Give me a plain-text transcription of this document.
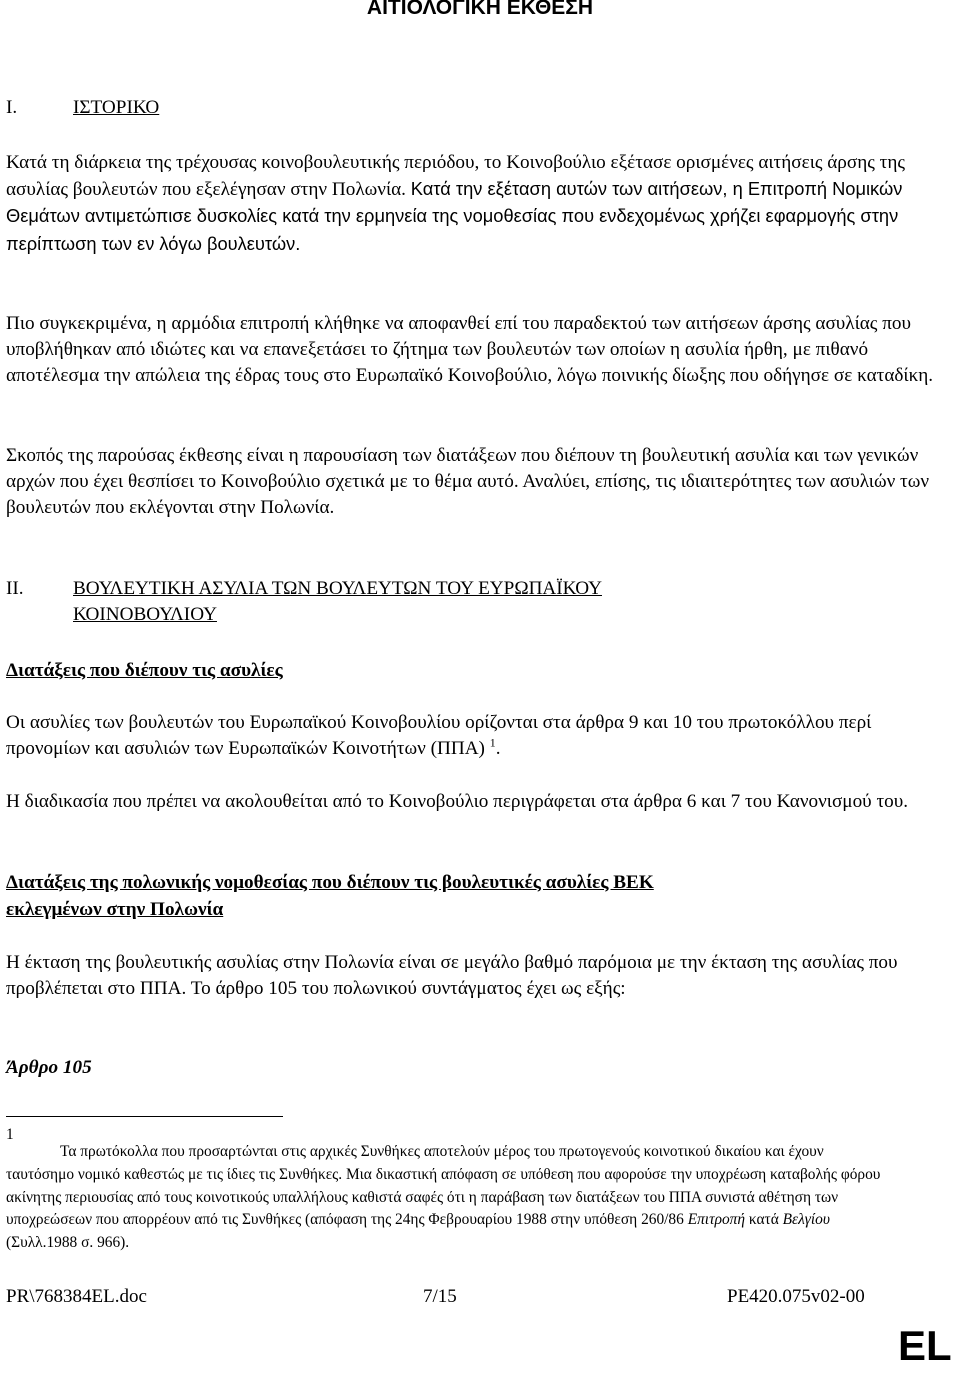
ΑΙΤΙΟΛΟΓΙΚΗ ΕΚΘΕΣΗ
I.	ΙΣΤΟΡΙΚΟ

Κατά τη διάρκεια της τρέχουσας κοινοβουλευτικής περιόδου, το Κοινοβούλιο εξέτασε ορισμένες αιτήσεις άρσης της ασυλίας βουλευτών που εξελέγησαν στην Πολωνία. Κατά την εξέταση αυτών των αιτήσεων, η Επιτροπή Νομικών Θεμάτων αντιμετώπισε δυσκολίες κατά την ερμηνεία της νομοθεσίας που ενδεχομένως χρήζει εφαρμογής στην περίπτωση των εν λόγω βουλευτών.

Πιο συγκεκριμένα, η αρμόδια επιτροπή κλήθηκε να αποφανθεί επί του παραδεκτού των αιτήσεων άρσης ασυλίας που υποβλήθηκαν από ιδιώτες και να επανεξετάσει το ζήτημα των βουλευτών των οποίων η ασυλία ήρθη, με πιθανό αποτέλεσμα την απώλεια της έδρας τους στο Ευρωπαϊκό Κοινοβούλιο, λόγω ποινικής δίωξης που οδήγησε σε καταδίκη.

Σκοπός της παρούσας έκθεσης είναι η παρουσίαση των διατάξεων που διέπουν τη βουλευτική ασυλία και των γενικών αρχών που έχει θεσπίσει το Κοινοβούλιο σχετικά με το θέμα αυτό. Αναλύει, επίσης, τις ιδιαιτερότητες των ασυλιών των βουλευτών που εκλέγονται στην Πολωνία.

II.	ΒΟΥΛΕΥΤΙΚΗ ΑΣΥΛΙΑ ΤΩΝ ΒΟΥΛΕΥΤΩΝ ΤΟΥ ΕΥΡΩΠΑΪΚΟΥ
ΚΟΙΝΟΒΟΥΛΙΟΥ
Διατάξεις που διέπουν τις ασυλίες

Οι ασυλίες των βουλευτών του Ευρωπαϊκού Κοινοβουλίου ορίζονται στα άρθρα 9 και 10 του πρωτοκόλλου περί προνομίων και ασυλιών των Ευρωπαϊκών Κοινοτήτων (ΠΠΑ) $^1$.

Η διαδικασία που πρέπει να ακολουθείται από το Κοινοβούλιο περιγράφεται στα άρθρα 6 και 7 του Κανονισμού του.

Διατάξεις της πολωνικής νομοθεσίας που διέπουν τις βουλευτικές ασυλίες ΒΕΚ
εκλεγμένων στην Πολωνία

Η έκταση της βουλευτικής ασυλίας στην Πολωνία είναι σε μεγάλο βαθμό παρόμοια με την έκταση της ασυλίας που προβλέπεται στο ΠΠΑ. Το άρθρο 105 του πολωνικού συντάγματος έχει ως εξής:

Άρθρο 105
1

Τα πρωτόκολλα που προσαρτώνται στις αρχικές Συνθήκες αποτελούν μέρος του πρωτογενούς κοινοτικού δικαίου και έχουν ταυτόσημο νομικό καθεστώς με τις ίδιες τις Συνθήκες. Μια δικαστική απόφαση σε υπόθεση που αφορούσε την υποχρέωση καταβολής φόρου ακίνητης περιουσίας από τους κοινοτικούς υπαλλήλους καθιστά σαφές ότι η παράβαση των διατάξεων του ΠΠΑ συνιστά αθέτηση των υποχρεώσεων που απορρέουν από τις Συνθήκες (απόφαση της 24ης Φεβρουαρίου 1988 στην υπόθεση 260/86 Επιτροπή κατά Βελγίου (Συλλ.1988 σ. 966).

PR\768384EL.doc	7/15	PE420.075v02-00
EL
